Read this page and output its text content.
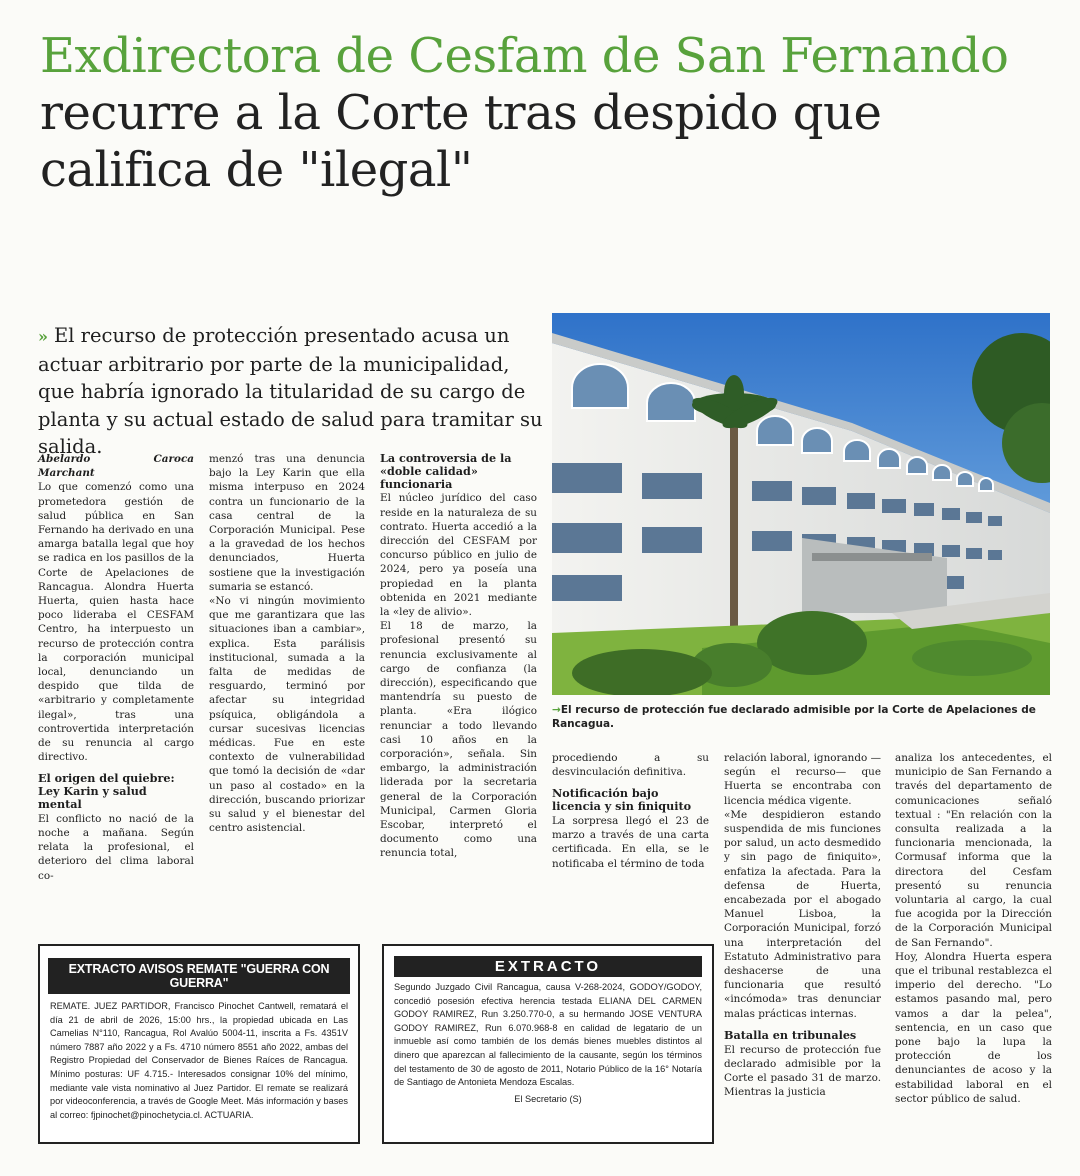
Exdirectora de Cesfam de San Fernando
recurre a la Corte tras despido que califica de "ilegal"

» El recurso de protección presentado acusa un actuar arbitrario por parte de la municipalidad, que habría ignorado la titularidad de su cargo de planta y su actual estado de salud para tramitar su salida.

→El recurso de protección fue declarado admisible por la Corte de Apelaciones de Rancagua.

Abelardo Caroca Marchant

Lo que comenzó como una prometedora gestión de salud pública en San Fernando ha derivado en una amarga batalla legal que hoy se radica en los pasillos de la Corte de Apelaciones de Rancagua. Alondra Huerta Huerta, quien hasta hace poco lideraba el CESFAM Centro, ha interpuesto un recurso de protección contra la corporación municipal local, denunciando un despido que tilda de «arbitrario y completamente ilegal», tras una controvertida interpretación de su renuncia al cargo directivo.

El origen del quiebre: Ley Karin y salud mental

El conflicto no nació de la noche a mañana. Según relata la profesional, el deterioro del clima laboral co-

menzó tras una denuncia bajo la Ley Karin que ella misma interpuso en 2024 contra un funcionario de la casa central de la Corporación Municipal. Pese a la gravedad de los hechos denunciados, Huerta sostiene que la investigación sumaria se estancó.

«No vi ningún movimiento que me garantizara que las situaciones iban a cambiar», explica. Esta parálisis institucional, sumada a la falta de medidas de resguardo, terminó por afectar su integridad psíquica, obligándola a cursar sucesivas licencias médicas. Fue en este contexto de vulnerabilidad que tomó la decisión de «dar un paso al costado» en la dirección, buscando priorizar su salud y el bienestar del centro asistencial.

La controversia de la «doble calidad» funcionaria

El núcleo jurídico del caso reside en la naturaleza de su contrato. Huerta accedió a la dirección del CESFAM por concurso público en julio de 2024, pero ya poseía una propiedad en la planta obtenida en 2021 mediante la «ley de alivio».

El 18 de marzo, la profesional presentó su renuncia exclusivamente al cargo de confianza (la dirección), especificando que mantendría su puesto de planta. «Era ilógico renunciar a todo llevando casi 10 años en la corporación», señala. Sin embargo, la administración liderada por la secretaria general de la Corporación Municipal, Carmen Gloria Escobar, interpretó el documento como una renuncia total,

procediendo a su desvinculación definitiva.

Notificación bajo licencia y sin finiquito

La sorpresa llegó el 23 de marzo a través de una carta certificada. En ella, se le notificaba el término de toda

relación laboral, ignorando —según el recurso— que Huerta se encontraba con licencia médica vigente.

«Me despidieron estando suspendida de mis funciones por salud, un acto desmedido y sin pago de finiquito», enfatiza la afectada. Para la defensa de Huerta, encabezada por el abogado Manuel Lisboa, la Corporación Municipal, forzó una interpretación del Estatuto Administrativo para deshacerse de una funcionaria que resultó «incómoda» tras denunciar malas prácticas internas.

Batalla en tribunales

El recurso de protección fue declarado admisible por la Corte el pasado 31 de marzo. Mientras la justicia

analiza los antecedentes, el municipio de San Fernando a través del departamento de comunicaciones señaló textual : "En relación con la consulta realizada a la funcionaria mencionada, la Cormusaf informa que la directora del Cesfam presentó su renuncia voluntaria al cargo, la cual fue acogida por la Dirección de la Corporación Municipal de San Fernando".

Hoy, Alondra Huerta espera que el tribunal restablezca el imperio del derecho. "Lo estamos pasando mal, pero vamos a dar la pelea", sentencia, en un caso que pone bajo la lupa la protección de los denunciantes de acoso y la estabilidad laboral en el sector público de salud.

EXTRACTO AVISOS REMATE "GUERRA CON GUERRA"
REMATE. JUEZ PARTIDOR, Francisco Pinochet Cantwell, rematará el día 21 de abril de 2026, 15:00 hrs., la propiedad ubicada en Las Camelias N°110, Rancagua, Rol Avalúo 5004-11, inscrita a Fs. 4351V número 7887 año 2022 y a Fs. 4710 número 8551 año 2022, ambas del Registro Propiedad del Conservador de Bienes Raíces de Rancagua. Mínimo posturas: UF 4.715.- Interesados consignar 10% del mínimo, mediante vale vista nominativo al Juez Partidor. El remate se realizará por videoconferencia, a través de Google Meet. Más información y bases al correo: fjpinochet@pinochetycia.cl. ACTUARIA.
EXTRACTO
Segundo Juzgado Civil Rancagua, causa V-268-2024, GODOY/GODOY, concedió posesión efectiva herencia testada ELIANA DEL CARMEN GODOY RAMIREZ, Run 3.250.770-0, a su hermando JOSE VENTURA GODOY RAMIREZ, Run 6.070.968-8 en calidad de legatario de un inmueble así como también de los demás bienes muebles distintos al dinero que aparezcan al fallecimiento de la causante, según los términos del testamento de 30 de agosto de 2011, Notario Público de la 16° Notaría de Santiago de Antonieta Mendoza Escalas.
El Secretario (S)
